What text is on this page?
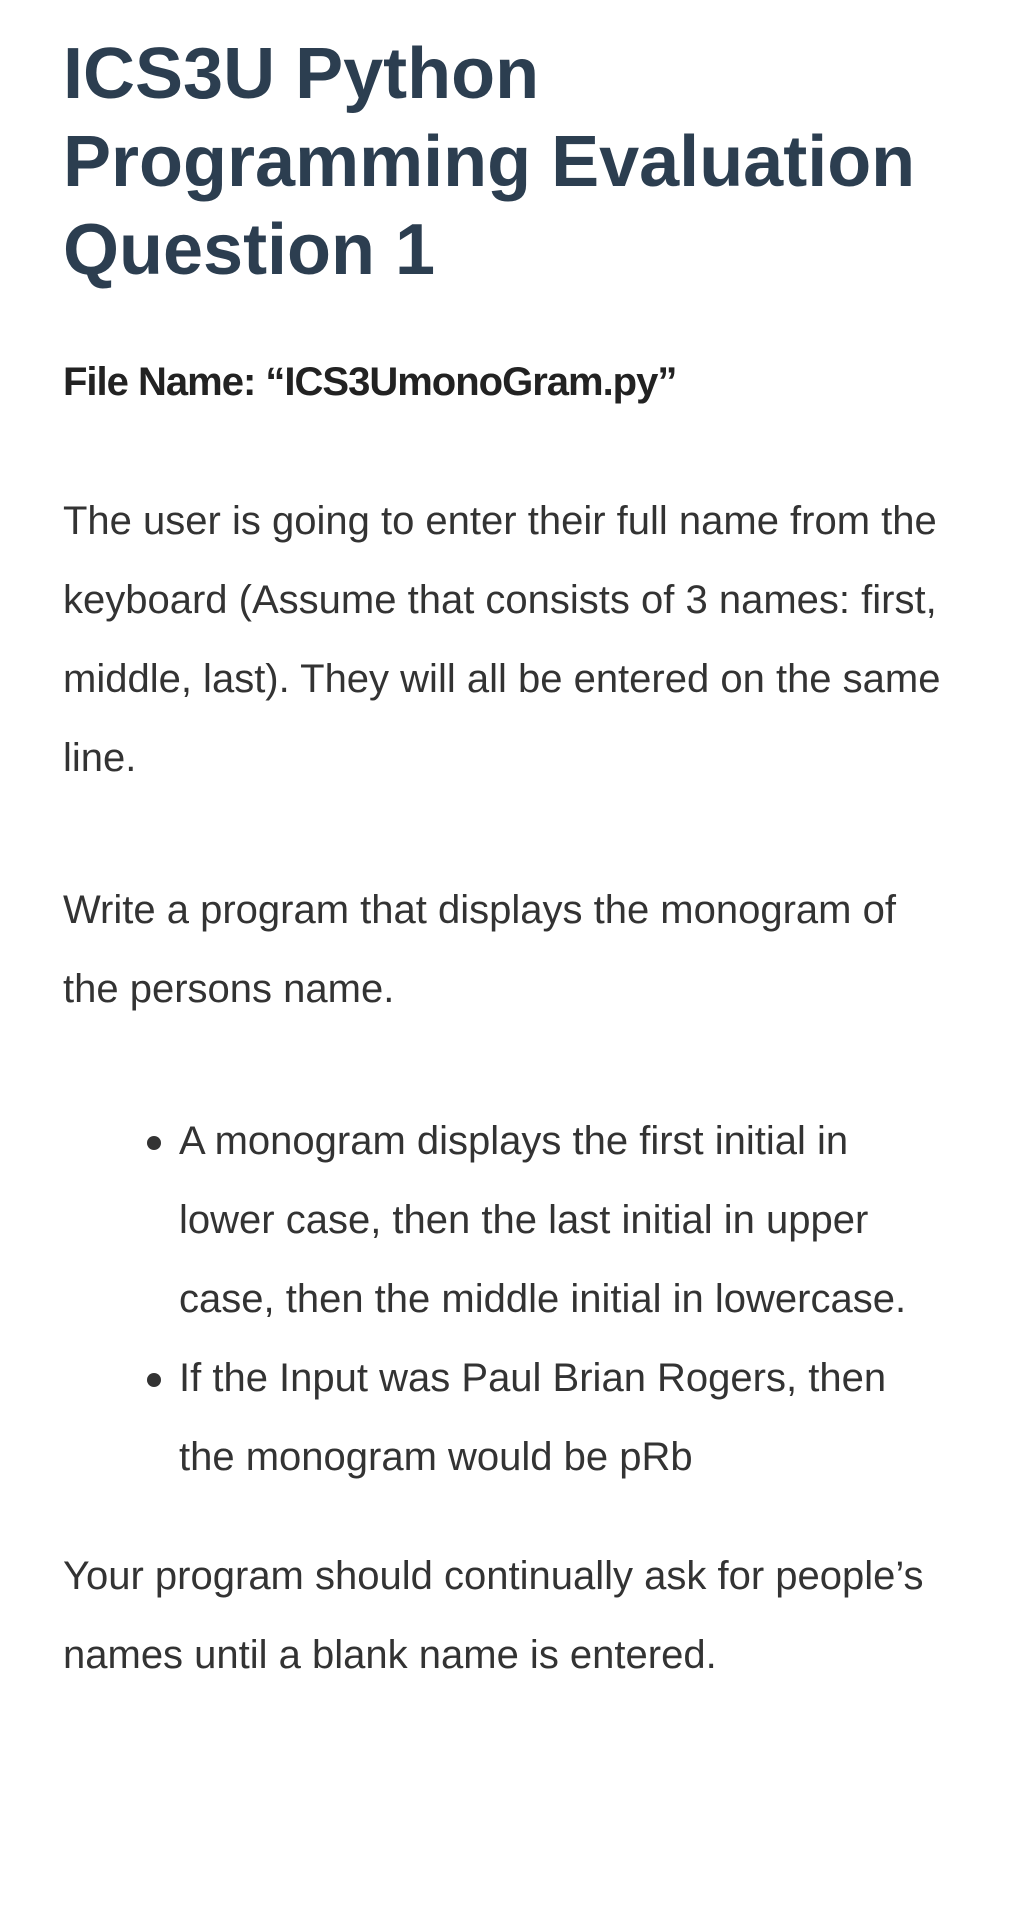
ICS3U Python Programming Evaluation Question 1

File Name: “ICS3UmonoGram.py”

The user is going to enter their full name from the keyboard (Assume that consists of 3 names: first, middle, last). They will all be entered on the same line.

Write a program that displays the monogram of the persons name.

A monogram displays the first initial in lower case, then the last initial in upper case, then the middle initial in lowercase.
If the Input was Paul Brian Rogers, then the monogram would be pRb

Your program should continually ask for people’s names until a blank name is entered.
